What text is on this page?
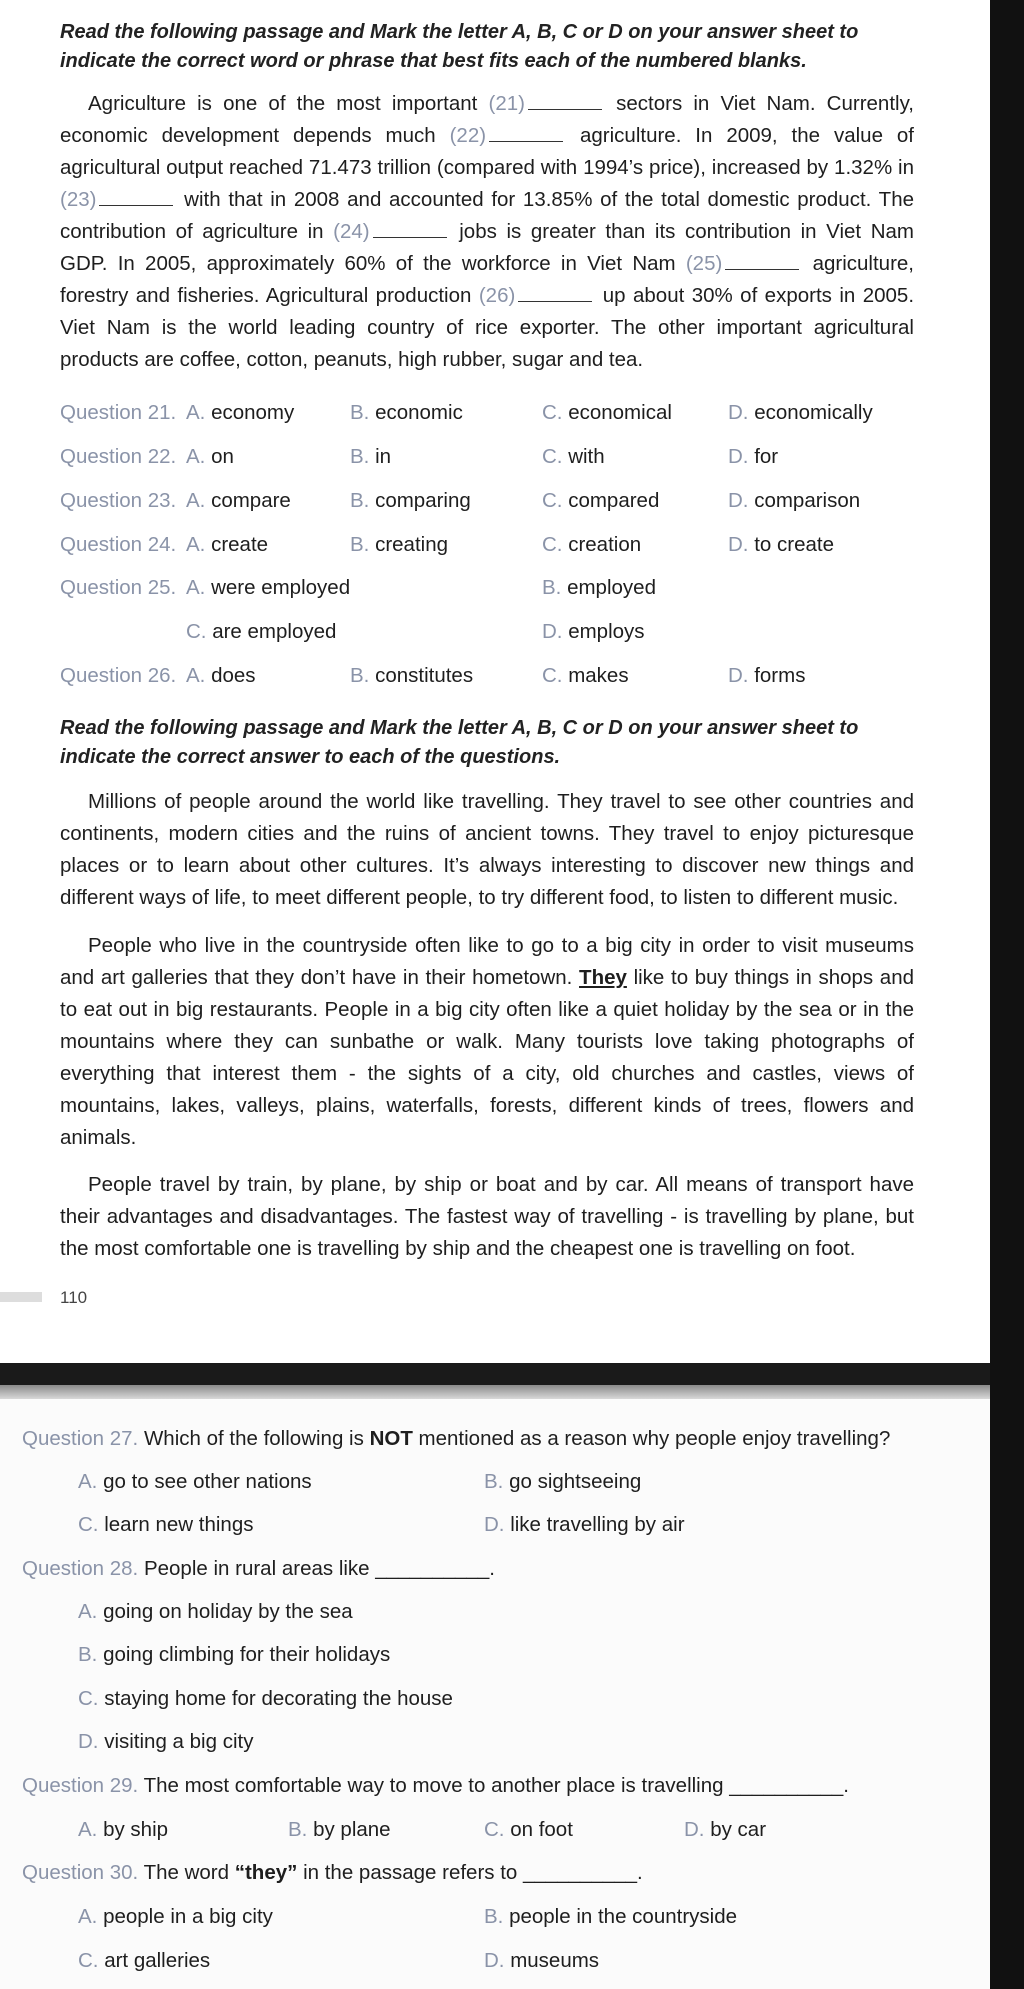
Read the following passage and Mark the letter A, B, C or D on your answer sheet to indicate the correct word or phrase that best fits each of the numbered blanks.

Agriculture is one of the most important (21)	sectors in Viet Nam. Currently, economic development depends much (22)	agriculture. In 2009, the value of agricultural output reached 71.473 trillion (compared with 1994’s price), increased by 1.32% in (23)	with that in 2008 and accounted for 13.85% of the total domestic product. The contribution of agriculture in (24)	jobs is greater than its contribution in Viet Nam GDP. In 2005, approximately 60% of the workforce in Viet Nam (25)	agriculture, forestry and fisheries. Agricultural production (26)	up about 30% of exports in 2005. Viet Nam is the world leading country of rice exporter. The other important agricultural products are coffee, cotton, peanuts, high rubber, sugar and tea.

Question 21. A. economy	B. economic	C. economical	D. economically
Question 22. A. on	B. in	C. with	D. for
Question 23. A. compare	B. comparing	C. compared	D. comparison
Question 24. A. create	B. creating	C. creation	D. to create
Question 25. A. were employed	B. employed
C. are employed	D. employs
Question 26. A. does	B. constitutes	C. makes	D. forms

Read the following passage and Mark the letter A, B, C or D on your answer sheet to indicate the correct answer to each of the questions.

Millions of people around the world like travelling. They travel to see other countries and continents, modern cities and the ruins of ancient towns. They travel to enjoy picturesque places or to learn about other cultures. It’s always interesting to discover new things and different ways of life, to meet different people, to try different food, to listen to different music.

People who live in the countryside often like to go to a big city in order to visit museums and art galleries that they don’t have in their hometown. They like to buy things in shops and to eat out in big restaurants. People in a big city often like a quiet holiday by the sea or in the mountains where they can sunbathe or walk. Many tourists love taking photographs of everything that interest them - the sights of a city, old churches and castles, views of mountains, lakes, valleys, plains, waterfalls, forests, different kinds of trees, flowers and animals.

People travel by train, by plane, by ship or boat and by car. All means of transport have their advantages and disadvantages. The fastest way of travelling - is travelling by plane, but the most comfortable one is travelling by ship and the cheapest one is travelling on foot.

110
Question 27. Which of the following is NOT mentioned as a reason why people enjoy travelling?
A. go to see other nations	B. go sightseeing
C. learn new things	D. like travelling by air
Question 28. People in rural areas like __________.
A. going on holiday by the sea
B. going climbing for their holidays
C. staying home for decorating the house
D. visiting a big city
Question 29. The most comfortable way to move to another place is travelling __________.
A. by ship	B. by plane	C. on foot	D. by car
Question 30. The word “they” in the passage refers to __________.
A. people in a big city	B. people in the countryside
C. art galleries	D. museums
